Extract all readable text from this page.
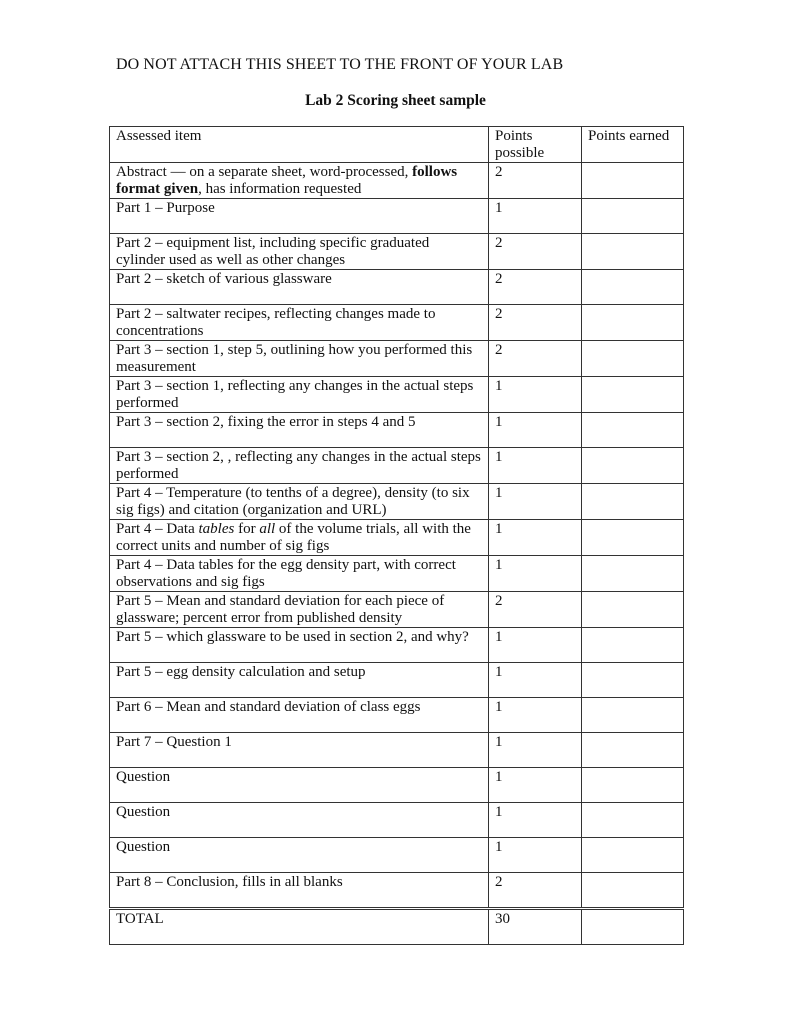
DO NOT ATTACH THIS SHEET TO THE FRONT OF YOUR LAB
Lab 2 Scoring sheet sample
Assessed item	Points possible	Points earned
Abstract — on a separate sheet, word-processed, follows format given, has information requested	2	
Part 1 – Purpose	1	
Part 2 – equipment list, including specific graduated cylinder used as well as other changes	2	
Part 2 – sketch of various glassware	2	
Part 2 – saltwater recipes, reflecting changes made to concentrations	2	
Part 3 – section 1, step 5, outlining how you performed this measurement	2	
Part 3 – section 1, reflecting any changes in the actual steps performed	1	
Part 3 – section 2, fixing the error in steps 4 and 5	1	
Part 3 – section 2, , reflecting any changes in the actual steps performed	1	
Part 4 – Temperature (to tenths of a degree), density (to six sig figs) and citation (organization and URL)	1	
Part 4 – Data tables for all of the volume trials, all with the correct units and number of sig figs	1	
Part 4 – Data tables for the egg density part, with correct observations and sig figs	1	
Part 5 – Mean and standard deviation for each piece of glassware; percent error from published density	2	
Part 5 – which glassware to be used in section 2, and why?	1	
Part 5 – egg density calculation and setup	1	
Part 6 – Mean and standard deviation of class eggs	1	
Part 7 – Question 1	1	
Question	1	
Question	1	
Question	1	
Part 8 – Conclusion, fills in all blanks	2	
TOTAL	30	
